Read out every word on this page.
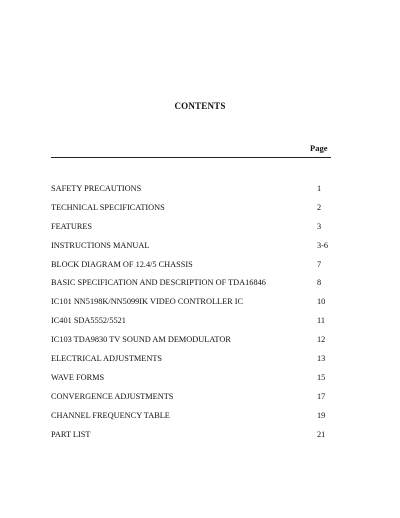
CONTENTS
Page
SAFETY PRECAUTIONS	1
TECHNICAL SPECIFICATIONS	2
FEATURES	3
INSTRUCTIONS MANUAL	3-6
BLOCK DIAGRAM OF 12.4/5 CHASSIS	7
BASIC SPECIFICATION AND DESCRIPTION OF TDA16846	8
IC101 NN5198K/NN5099IK VIDEO CONTROLLER IC	10
IC401 SDA5552/5521	11
IC103 TDA9830 TV SOUND AM DEMODULATOR	12
ELECTRICAL ADJUSTMENTS	13
WAVE FORMS	15
CONVERGENCE ADJUSTMENTS	17
CHANNEL FREQUENCY TABLE	19
PART LIST	21
